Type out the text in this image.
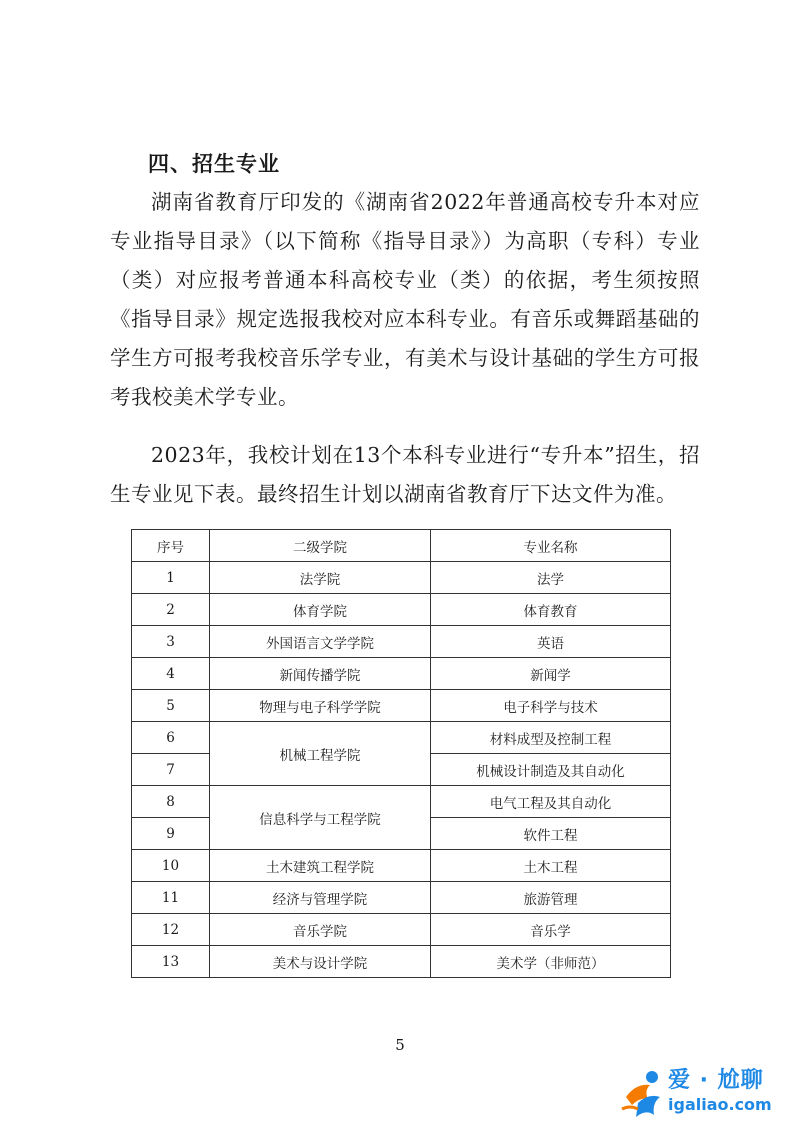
四、招生专业
湖南省教育厅印发的《湖南省2022年普通高校专升本对应专业指导目录》（以下简称《指导目录》）为高职（专科）专业（类）对应报考普通本科高校专业（类）的依据，考生须按照《指导目录》规定选报我校对应本科专业。有音乐或舞蹈基础的学生方可报考我校音乐学专业，有美术与设计基础的学生方可报考我校美术学专业。
2023年，我校计划在13个本科专业进行“专升本”招生，招生专业见下表。最终招生计划以湖南省教育厅下达文件为准。
序号	二级学院	专业名称
1	法学院	法学
2	体育学院	体育教育
3	外国语言文学学院	英语
4	新闻传播学院	新闻学
5	物理与电子科学学院	电子科学与技术
6	机械工程学院	材料成型及控制工程
7		机械设计制造及其自动化
8	信息科学与工程学院	电气工程及其自动化
9		软件工程
10	土木建筑工程学院	土木工程
11	经济与管理学院	旅游管理
12	音乐学院	音乐学
13	美术与设计学院	美术学（非师范）
5
爱 · 尬聊
igaliao.com
